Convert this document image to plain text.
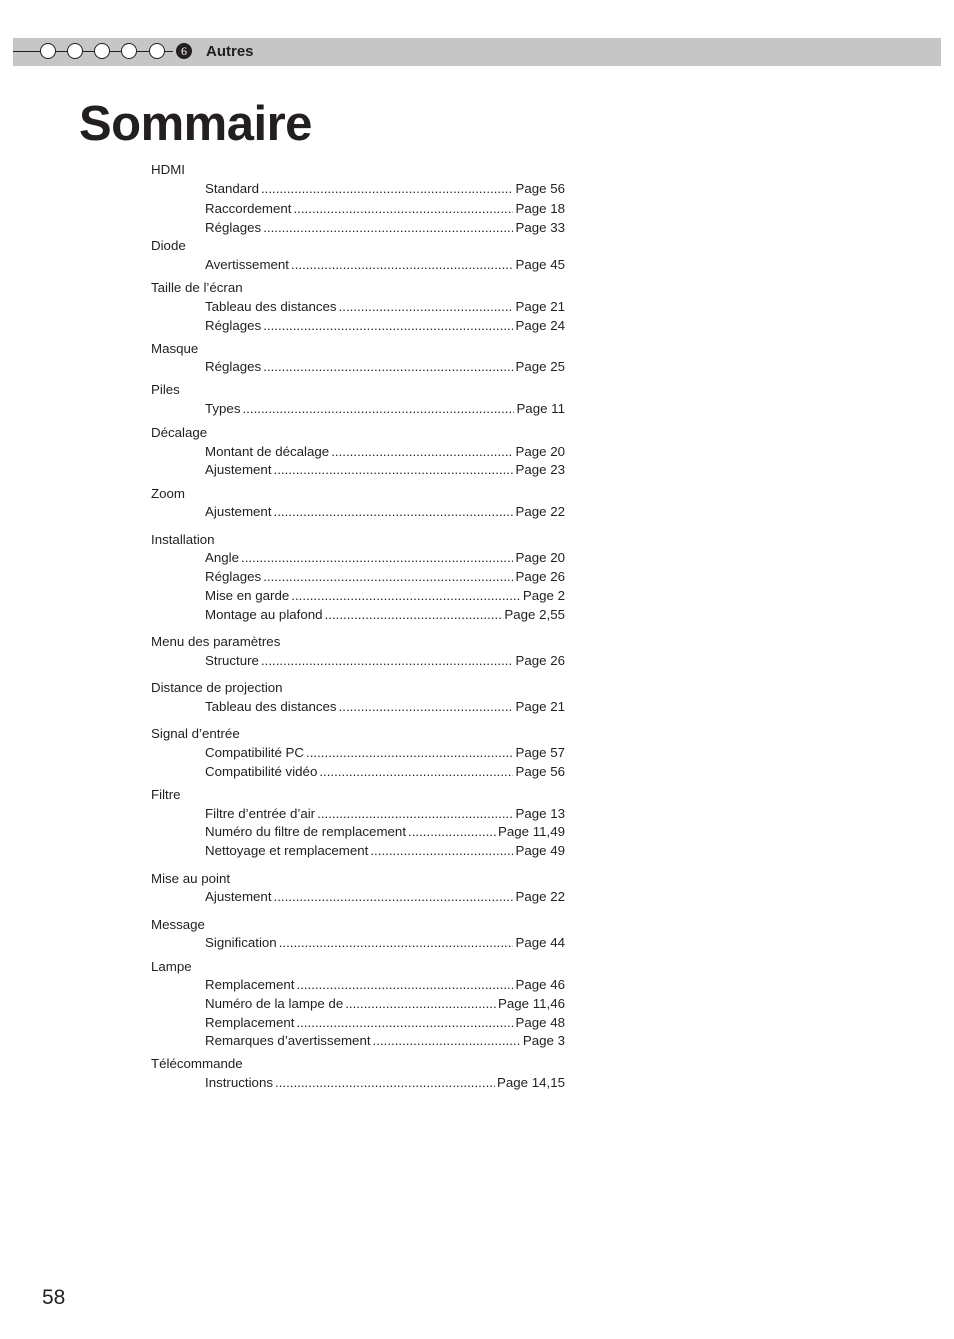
6	Autres
Sommaire
HDMI
Standard .....	Page 56
Raccordement .....	Page 18
Réglages .....	Page 33
Diode
Avertissement .....	Page 45
Taille de l’écran
Tableau des distances .....	Page 21
Réglages .....	Page 24
Masque
Réglages .....	Page 25
Piles
Types .....	Page 11
Décalage
Montant de décalage .....	Page 20
Ajustement .....	Page 23
Zoom
Ajustement .....	Page 22
Installation
Angle .....	Page 20
Réglages .....	Page 26
Mise en garde .....	Page 2
Montage au plafond .....	Page 2,55
Menu des paramètres
Structure .....	Page 26
Distance de projection
Tableau des distances .....	Page 21
Signal d’entrée
Compatibilité PC .....	Page 57
Compatibilité vidéo .....	Page 56
Filtre
Filtre d’entrée d’air .....	Page 13
Numéro du filtre de remplacement .....	Page 11,49
Nettoyage et remplacement .....	Page 49
Mise au point
Ajustement .....	Page 22
Message
Signification .....	Page 44
Lampe
Remplacement .....	Page 46
Numéro de la lampe de .....	Page 11,46
Remplacement .....	Page 48
Remarques d’avertissement .....	Page 3
Télécommande
Instructions .....	Page 14,15
58
